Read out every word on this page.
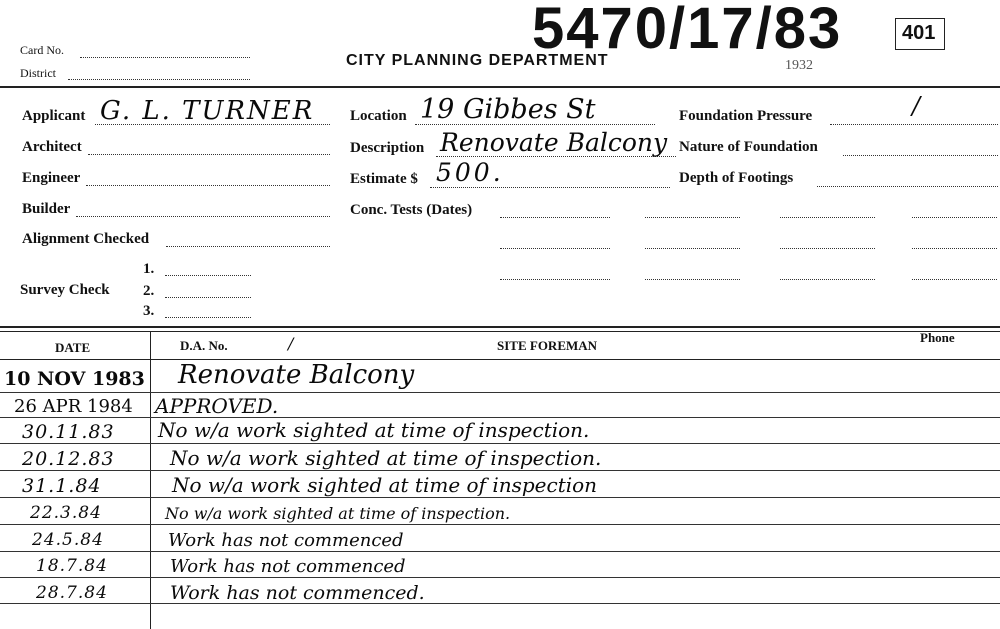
Card No.
District
CITY PLANNING DEPARTMENT	1932
5470/17/83	401
Applicant G. L. TURNER
Architect
Engineer
Builder
Alignment Checked
Survey Check
1.
2.
3.
Location 19 Gibbes St
Description Renovate Balcony
Estimate $ 500.
Conc. Tests (Dates)
Foundation Pressure	/
Nature of Foundation
Depth of Footings
DATE	D.A. No.	/	SITE FOREMAN
Phone
10 NOV 1983 Renovate Balcony
26 APR 1984 APPROVED.
30.11.83 No w/a work sighted at time of inspection.
20.12.83	No w/a work sighted at time of inspection.
31.1.84	No w/a work sighted at time of inspection
22.3.84	No w/a work sighted at time of inspection.
24.5.84	Work has not commenced
18.7.84	Work has not commenced
28.7.84	Work has not commenced.
